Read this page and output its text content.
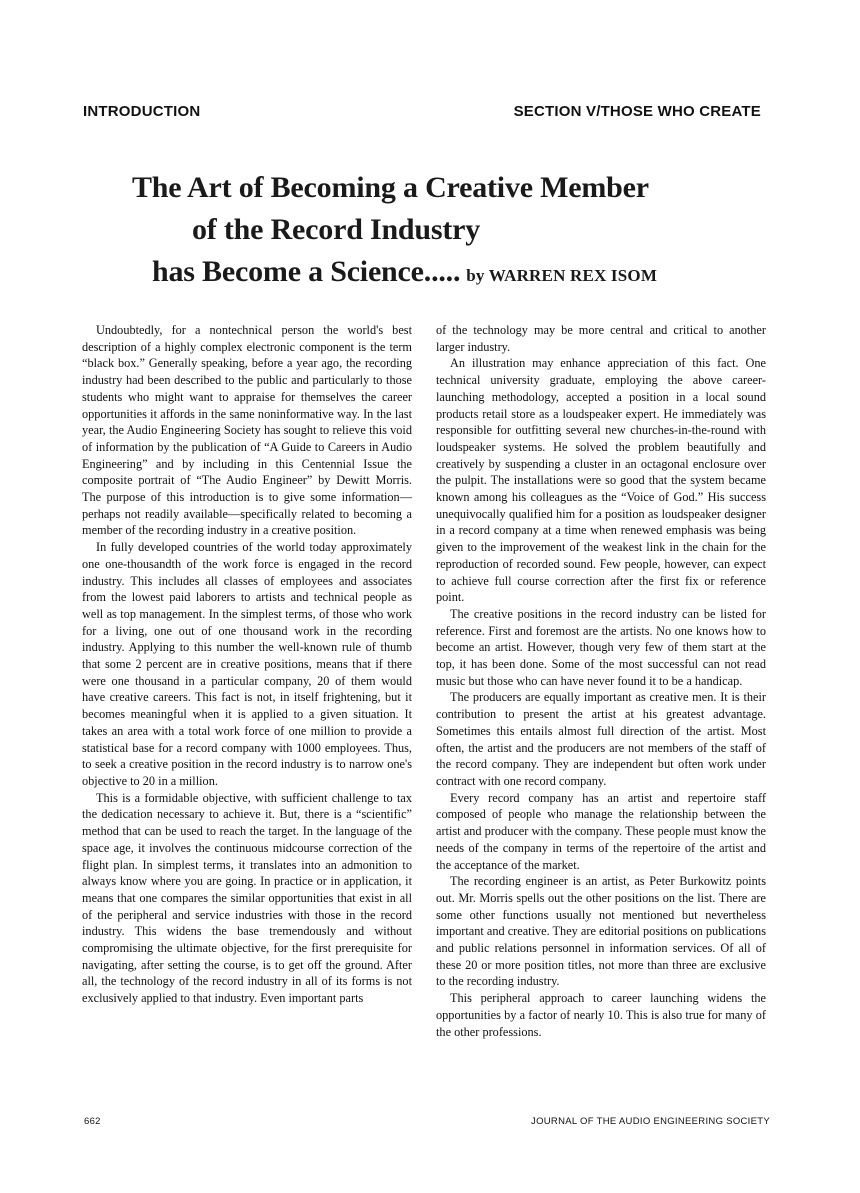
INTRODUCTION	SECTION V/THOSE WHO CREATE
The Art of Becoming a Creative Member
of the Record Industry
has Become a Science..... by WARREN REX ISOM

Undoubtedly, for a nontechnical person the world's best description of a highly complex electronic component is the term “black box.” Generally speaking, before a year ago, the recording industry had been described to the public and particularly to those students who might want to appraise for themselves the career opportunities it affords in the same noninformative way. In the last year, the Audio Engineering Society has sought to relieve this void of information by the publication of “A Guide to Careers in Audio Engineering” and by including in this Centennial Issue the composite portrait of “The Audio Engineer” by Dewitt Morris. The purpose of this introduction is to give some information—perhaps not readily available—specifically related to becoming a member of the recording industry in a creative position.

In fully developed countries of the world today approximately one one-thousandth of the work force is engaged in the record industry. This includes all classes of employees and associates from the lowest paid laborers to artists and technical people as well as top management. In the simplest terms, of those who work for a living, one out of one thousand work in the recording industry. Applying to this number the well-known rule of thumb that some 2 percent are in creative positions, means that if there were one thousand in a particular company, 20 of them would have creative careers. This fact is not, in itself frightening, but it becomes meaningful when it is applied to a given situation. It takes an area with a total work force of one million to provide a statistical base for a record company with 1000 employees. Thus, to seek a creative position in the record industry is to narrow one's objective to 20 in a million.

This is a formidable objective, with sufficient challenge to tax the dedication necessary to achieve it. But, there is a “scientific” method that can be used to reach the target. In the language of the space age, it involves the continuous midcourse correction of the flight plan. In simplest terms, it translates into an admonition to always know where you are going. In practice or in application, it means that one compares the similar opportunities that exist in all of the peripheral and service industries with those in the record industry. This widens the base tremendously and without compromising the ultimate objective, for the first prerequisite for navigating, after setting the course, is to get off the ground. After all, the technology of the record industry in all of its forms is not exclusively applied to that industry. Even important parts

of the technology may be more central and critical to another larger industry.

An illustration may enhance appreciation of this fact. One technical university graduate, employing the above career-launching methodology, accepted a position in a local sound products retail store as a loudspeaker expert. He immediately was responsible for outfitting several new churches-in-the-round with loudspeaker systems. He solved the problem beautifully and creatively by suspending a cluster in an octagonal enclosure over the pulpit. The installations were so good that the system became known among his colleagues as the “Voice of God.” His success unequivocally qualified him for a position as loudspeaker designer in a record company at a time when renewed emphasis was being given to the improvement of the weakest link in the chain for the reproduction of recorded sound. Few people, however, can expect to achieve full course correction after the first fix or reference point.

The creative positions in the record industry can be listed for reference. First and foremost are the artists. No one knows how to become an artist. However, though very few of them start at the top, it has been done. Some of the most successful can not read music but those who can have never found it to be a handicap.

The producers are equally important as creative men. It is their contribution to present the artist at his greatest advantage. Sometimes this entails almost full direction of the artist. Most often, the artist and the producers are not members of the staff of the record company. They are independent but often work under contract with one record company.

Every record company has an artist and repertoire staff composed of people who manage the relationship between the artist and producer with the company. These people must know the needs of the company in terms of the repertoire of the artist and the acceptance of the market.

The recording engineer is an artist, as Peter Burkowitz points out. Mr. Morris spells out the other positions on the list. There are some other functions usually not mentioned but nevertheless important and creative. They are editorial positions on publications and public relations personnel in information services. Of all of these 20 or more position titles, not more than three are exclusive to the recording industry.

This peripheral approach to career launching widens the opportunities by a factor of nearly 10. This is also true for many of the other professions.

662	JOURNAL OF THE AUDIO ENGINEERING SOCIETY
